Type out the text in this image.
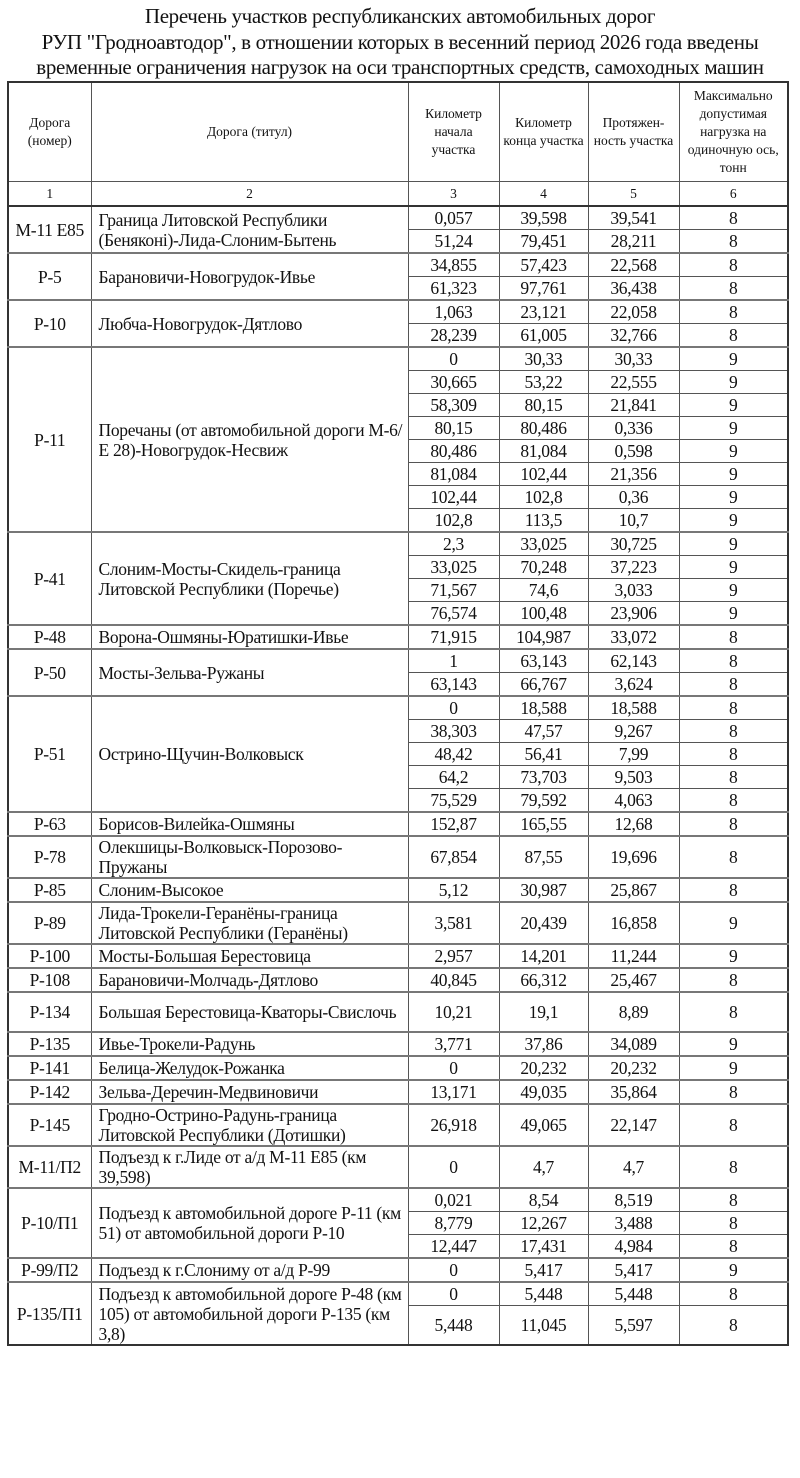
Перечень участков республиканских автомобильных дорог
РУП "Гродноавтодор", в отношении которых в весенний период 2026 года введены
временные ограничения нагрузок на оси транспортных средств, самоходных машин
Дорога (номер)	Дорога (титул)	Километр начала участка	Километр конца участка	Протяжен-ность участка	Максимально допустимая нагрузка на одиночную ось, тонн
1	2	3	4	5	6
М-11 Е85	Граница Литовской Республики (Беняконі)-Лида-Слоним-Бытень	0,057	39,598	39,541	8
		51,24	79,451	28,211	8
Р-5	Барановичи-Новогрудок-Ивье	34,855	57,423	22,568	8
		61,323	97,761	36,438	8
Р-10	Любча-Новогрудок-Дятлово	1,063	23,121	22,058	8
		28,239	61,005	32,766	8
Р-11	Поречаны (от автомобильной дороги М-6/Е 28)-Новогрудок-Несвиж	0	30,33	30,33	9
		30,665	53,22	22,555	9
		58,309	80,15	21,841	9
		80,15	80,486	0,336	9
		80,486	81,084	0,598	9
		81,084	102,44	21,356	9
		102,44	102,8	0,36	9
		102,8	113,5	10,7	9
Р-41	Слоним-Мосты-Скидель-граница Литовской Республики (Поречье)	2,3	33,025	30,725	9
		33,025	70,248	37,223	9
		71,567	74,6	3,033	9
		76,574	100,48	23,906	9
Р-48	Ворона-Ошмяны-Юратишки-Ивье	71,915	104,987	33,072	8
Р-50	Мосты-Зельва-Ружаны	1	63,143	62,143	8
		63,143	66,767	3,624	8
Р-51	Острино-Щучин-Волковыск	0	18,588	18,588	8
		38,303	47,57	9,267	8
		48,42	56,41	7,99	8
		64,2	73,703	9,503	8
		75,529	79,592	4,063	8
Р-63	Борисов-Вилейка-Ошмяны	152,87	165,55	12,68	8
Р-78	Олекшицы-Волковыск-Порозово-Пружаны	67,854	87,55	19,696	8
Р-85	Слоним-Высокое	5,12	30,987	25,867	8
Р-89	Лида-Трокели-Геранёны-граница Литовской Республики (Геранёны)	3,581	20,439	16,858	9
Р-100	Мосты-Большая Берестовица	2,957	14,201	11,244	9
Р-108	Барановичи-Молчадь-Дятлово	40,845	66,312	25,467	8
Р-134	Большая Берестовица-Кваторы-Свислочь	10,21	19,1	8,89	8
Р-135	Ивье-Трокели-Радунь	3,771	37,86	34,089	9
Р-141	Белица-Желудок-Рожанка	0	20,232	20,232	9
Р-142	Зельва-Деречин-Медвиновичи	13,171	49,035	35,864	8
Р-145	Гродно-Острино-Радунь-граница Литовской Республики (Дотишки)	26,918	49,065	22,147	8
М-11/П2	Подъезд к г.Лиде от а/д М-11 Е85 (км 39,598)	0	4,7	4,7	8
Р-10/П1	Подъезд к автомобильной дороге Р-11 (км 51) от автомобильной дороги Р-10	0,021	8,54	8,519	8
		8,779	12,267	3,488	8
		12,447	17,431	4,984	8
Р-99/П2	Подъезд к г.Слониму от а/д Р-99	0	5,417	5,417	9
Р-135/П1	Подъезд к автомобильной дороге Р-48 (км 105) от автомобильной дороги Р-135 (км 3,8)	0	5,448	5,448	8
		5,448	11,045	5,597	8
